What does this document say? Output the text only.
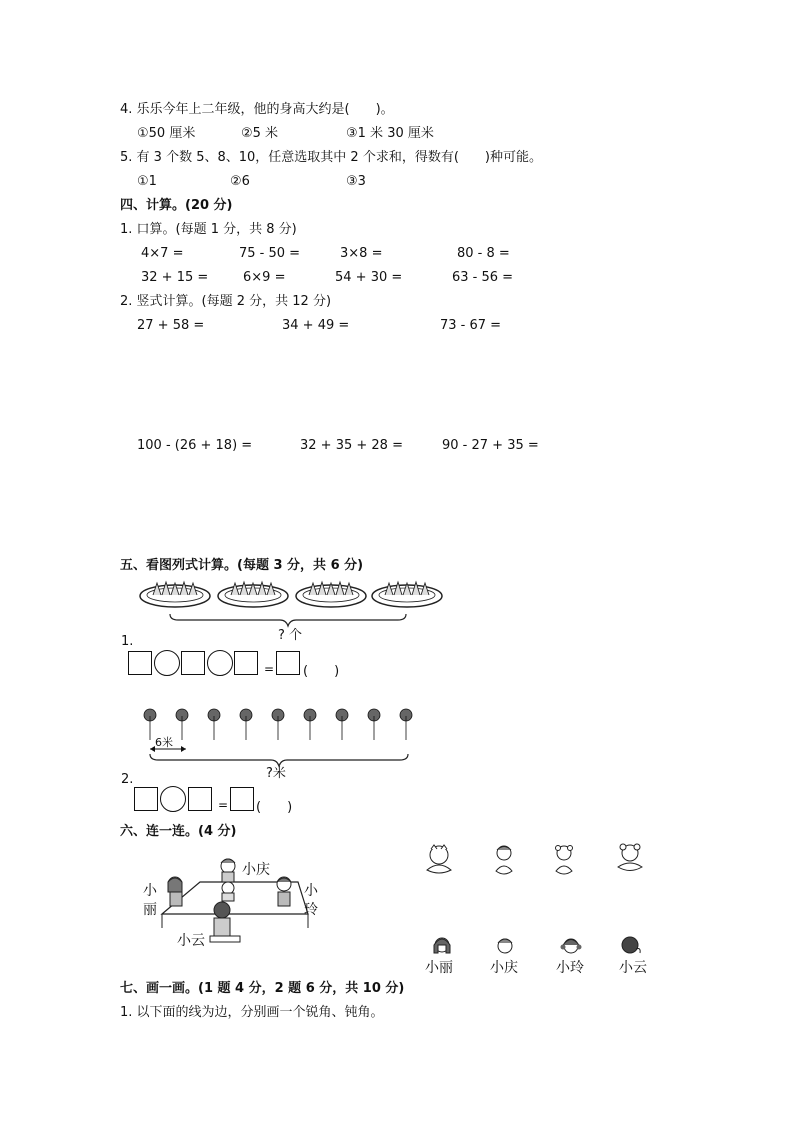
4. 乐乐今年上二年级，他的身高大约是(　　)。
①50 厘米	②5 米	③1 米 30 厘米
5. 有 3 个数 5、8、10，任意选取其中 2 个求和，得数有(　　)种可能。
①1	②6	③3
四、计算。(20 分)
1. 口算。(每题 1 分，共 8 分)
4×7 =	75 - 50 =	3×8 =	80 - 8 =
32 + 15 =	6×9 =	54 + 30 =	63 - 56 =
2. 竖式计算。(每题 2 分，共 12 分)
27 + 58 =	34 + 49 =	73 - 67 =
100 - (26 + 18) =	32 + 35 + 28 =	90 - 27 + 35 =
五、看图列式计算。(每题 3 分，共 6 分)
? 个
1.
= (　　)
6米
?米
2.
= (　　)
六、连一连。(4 分)
小庆
小
丽
小
玲
小云
小丽	小庆	小玲	小云
七、画一画。(1 题 4 分，2 题 6 分，共 10 分)
1. 以下面的线为边，分别画一个锐角、钝角。
